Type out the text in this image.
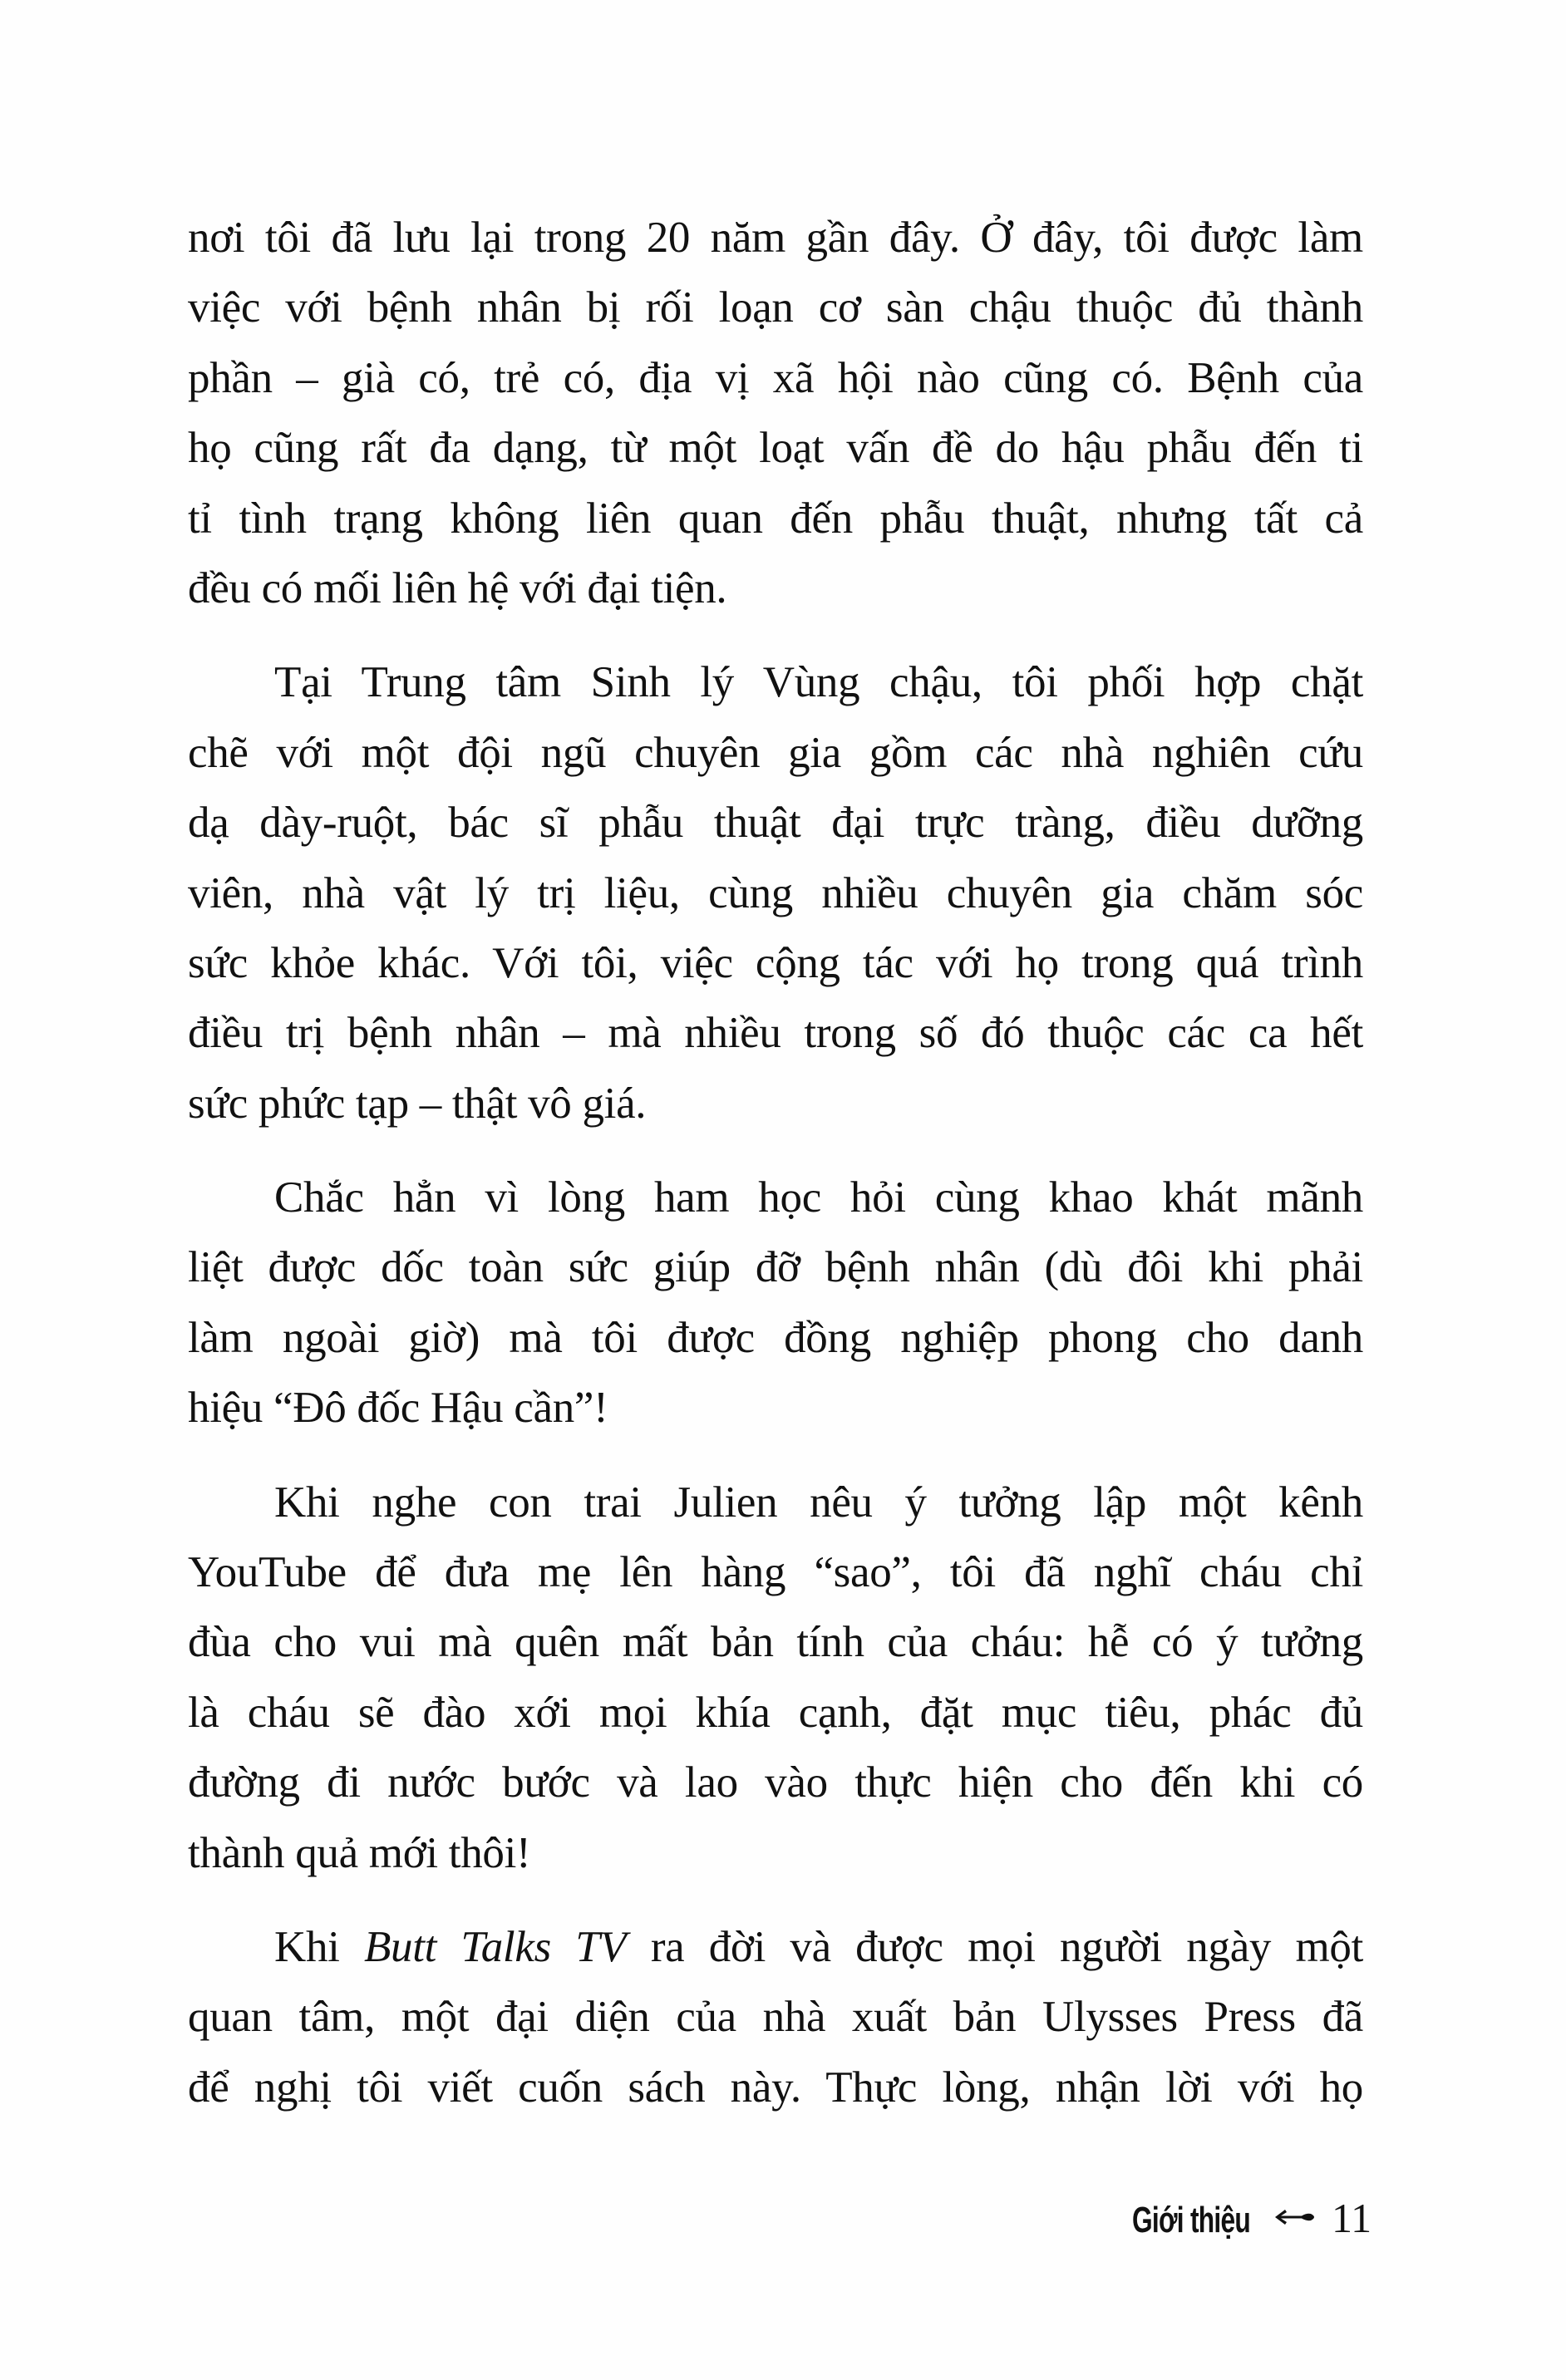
nơi tôi đã lưu lại trong 20 năm gần đây. Ở đây, tôi được làm
việc với bệnh nhân bị rối loạn cơ sàn chậu thuộc đủ thành
phần – già có, trẻ có, địa vị xã hội nào cũng có. Bệnh của
họ cũng rất đa dạng, từ một loạt vấn đề do hậu phẫu đến ti
tỉ tình trạng không liên quan đến phẫu thuật, nhưng tất cả
đều có mối liên hệ với đại tiện.
Tại Trung tâm Sinh lý Vùng chậu, tôi phối hợp chặt
chẽ với một đội ngũ chuyên gia gồm các nhà nghiên cứu
dạ dày-ruột, bác sĩ phẫu thuật đại trực tràng, điều dưỡng
viên, nhà vật lý trị liệu, cùng nhiều chuyên gia chăm sóc
sức khỏe khác. Với tôi, việc cộng tác với họ trong quá trình
điều trị bệnh nhân – mà nhiều trong số đó thuộc các ca hết
sức phức tạp – thật vô giá.
Chắc hẳn vì lòng ham học hỏi cùng khao khát mãnh
liệt được dốc toàn sức giúp đỡ bệnh nhân (dù đôi khi phải
làm ngoài giờ) mà tôi được đồng nghiệp phong cho danh
hiệu “Đô đốc Hậu cần”!
Khi nghe con trai Julien nêu ý tưởng lập một kênh
YouTube để đưa mẹ lên hàng “sao”, tôi đã nghĩ cháu chỉ
đùa cho vui mà quên mất bản tính của cháu: hễ có ý tưởng
là cháu sẽ đào xới mọi khía cạnh, đặt mục tiêu, phác đủ
đường đi nước bước và lao vào thực hiện cho đến khi có
thành quả mới thôi!
Khi Butt Talks TV ra đời và được mọi người ngày một
quan tâm, một đại diện của nhà xuất bản Ulysses Press đã
để nghị tôi viết cuốn sách này. Thực lòng, nhận lời với họ
Giới thiệu 11
